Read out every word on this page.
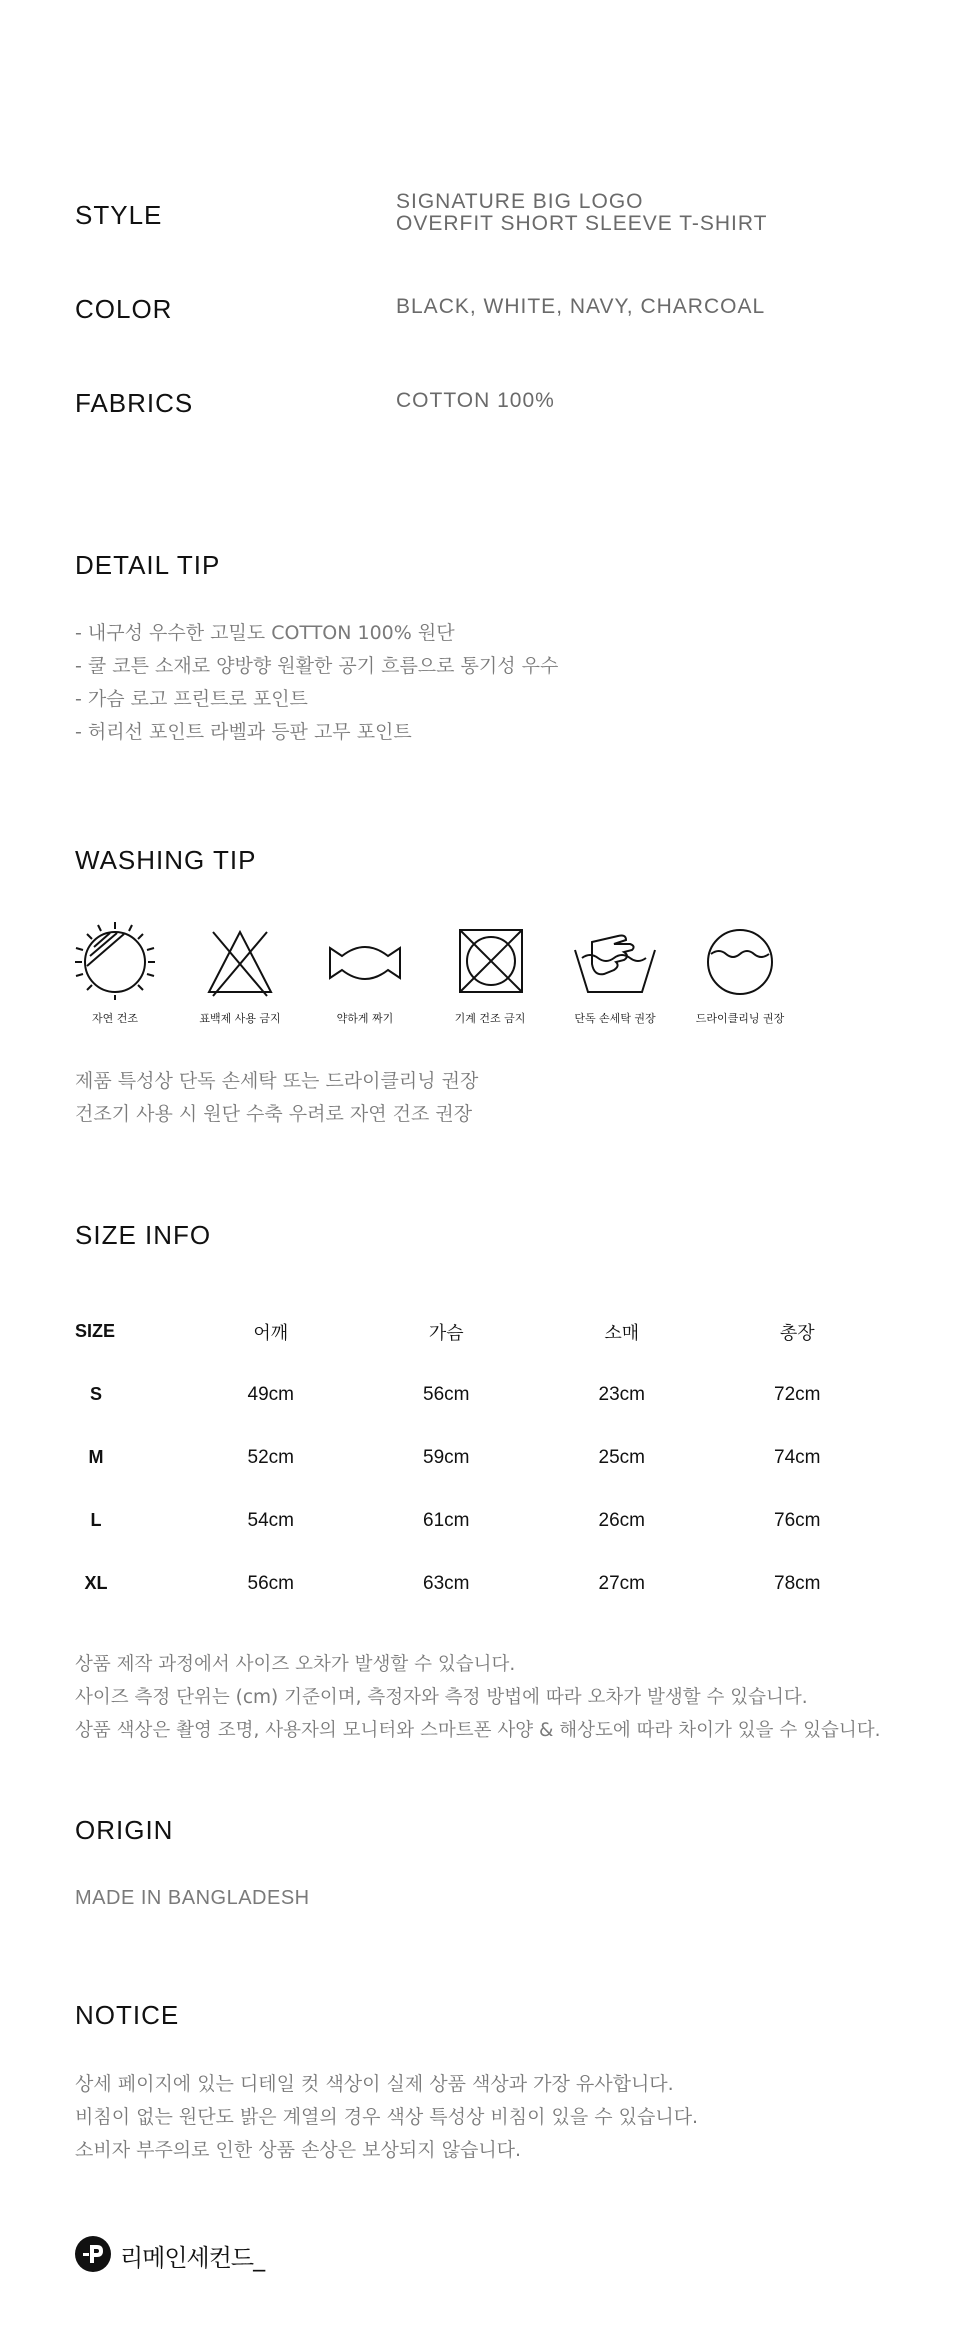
STYLE	SIGNATURE BIG LOGO
OVERFIT SHORT SLEEVE T-SHIRT
COLOR	BLACK, WHITE, NAVY, CHARCOAL
FABRICS	COTTON 100%
DETAIL TIP
- 내구성 우수한 고밀도 COTTON 100% 원단
- 쿨 코튼 소재로 양방향 원활한 공기 흐름으로 통기성 우수
- 가슴 로고 프린트로 포인트
- 허리선 포인트 라벨과 등판 고무 포인트
WASHING TIP
자연 건조	표백제 사용 금지	약하게 짜기	기계 건조 금지	단독 손세탁 권장	드라이클리닝 권장
제품 특성상 단독 손세탁 또는 드라이클리닝 권장
건조기 사용 시 원단 수축 우려로 자연 건조 권장
SIZE INFO
SIZE	어깨	가슴	소매	총장
S	49cm	56cm	23cm	72cm
M	52cm	59cm	25cm	74cm
L	54cm	61cm	26cm	76cm
XL	56cm	63cm	27cm	78cm
상품 제작 과정에서 사이즈 오차가 발생할 수 있습니다.
사이즈 측정 단위는 (cm) 기준이며, 측정자와 측정 방법에 따라 오차가 발생할 수 있습니다.
상품 색상은 촬영 조명, 사용자의 모니터와 스마트폰 사양 & 해상도에 따라 차이가 있을 수 있습니다.
ORIGIN
MADE IN BANGLADESH
NOTICE
상세 페이지에 있는 디테일 컷 색상이 실제 상품 색상과 가장 유사합니다.
비침이 없는 원단도 밝은 계열의 경우 색상 특성상 비침이 있을 수 있습니다.
소비자 부주의로 인한 상품 손상은 보상되지 않습니다.
리메인세컨드_
